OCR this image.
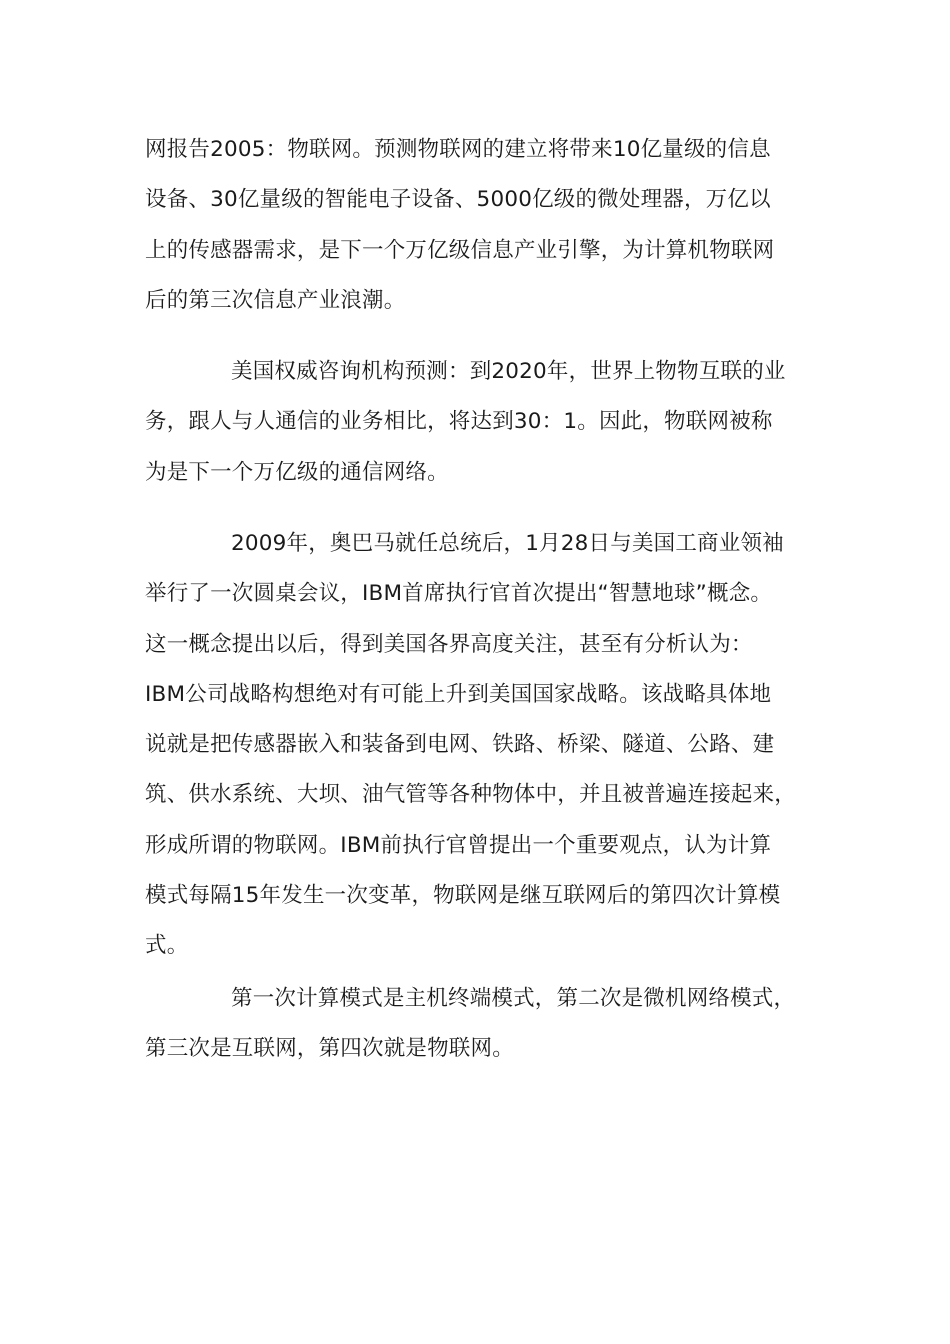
网报告2005：物联网。预测物联网的建立将带来10亿量级的信息
设备、30亿量级的智能电子设备、5000亿级的微处理器，万亿以
上的传感器需求，是下一个万亿级信息产业引擎，为计算机物联网
后的第三次信息产业浪潮。
美国权威咨询机构预测：到2020年，世界上物物互联的业
务，跟人与人通信的业务相比，将达到30：1。因此，物联网被称
为是下一个万亿级的通信网络。
2009年，奥巴马就任总统后，1月28日与美国工商业领袖
举行了一次圆桌会议，IBM首席执行官首次提出“智慧地球”概念。
这一概念提出以后，得到美国各界高度关注，甚至有分析认为：
IBM公司战略构想绝对有可能上升到美国国家战略。该战略具体地
说就是把传感器嵌入和装备到电网、铁路、桥梁、隧道、公路、建
筑、供水系统、大坝、油气管等各种物体中，并且被普遍连接起来，
形成所谓的物联网。IBM前执行官曾提出一个重要观点，认为计算
模式每隔15年发生一次变革，物联网是继互联网后的第四次计算模
式。
第一次计算模式是主机终端模式，第二次是微机网络模式，
第三次是互联网，第四次就是物联网。
